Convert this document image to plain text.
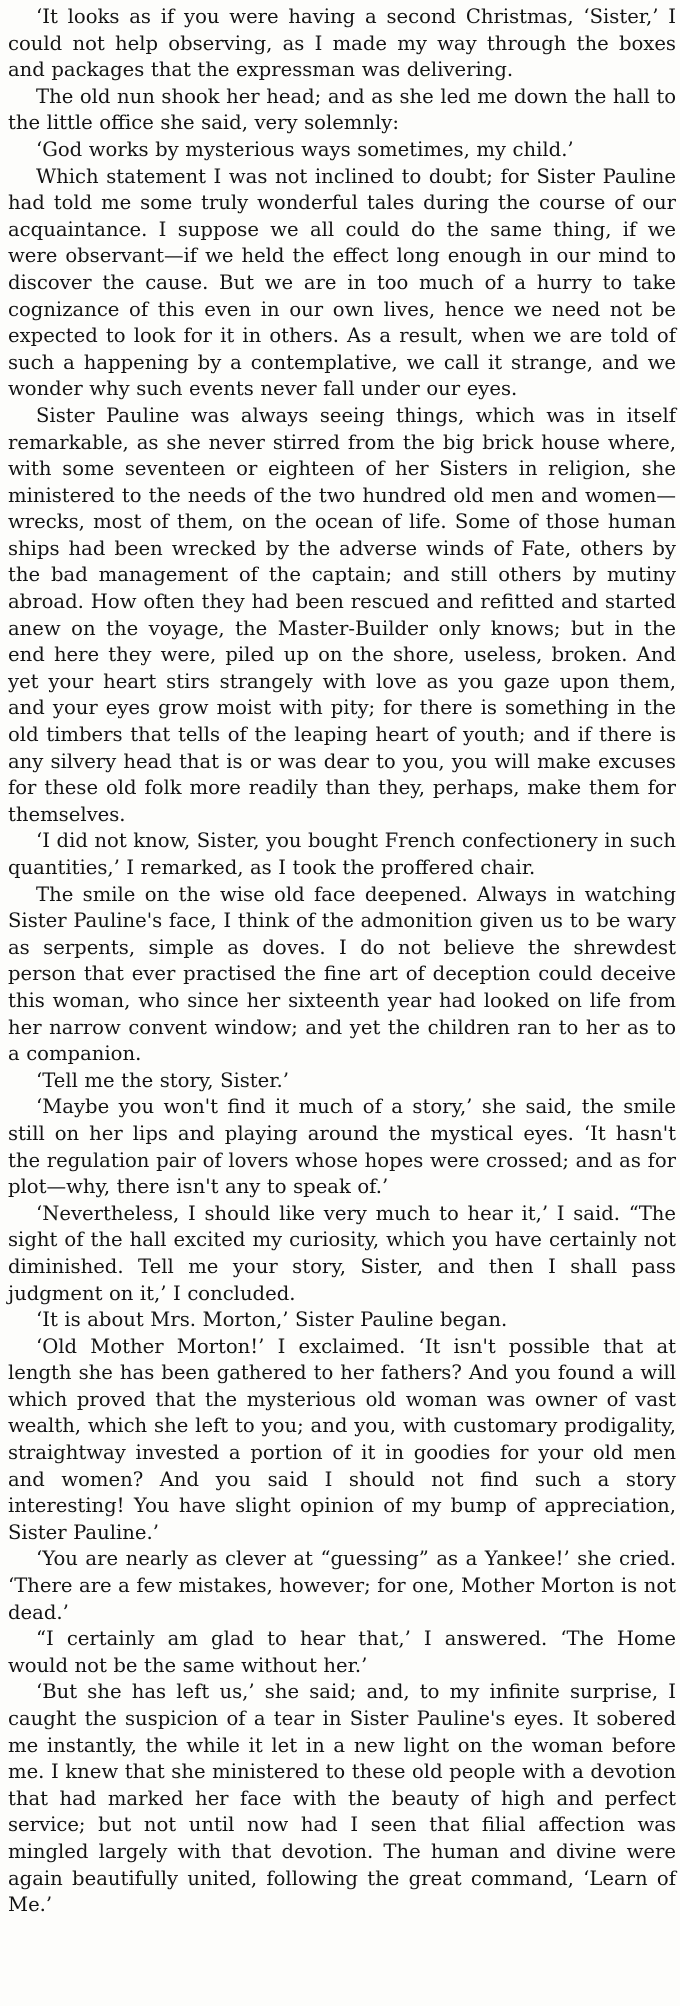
‘It looks as if you were having a second Christmas, ‘Sister,’ I could not help observing, as I made my way through the boxes and packages that the expressman was delivering.

The old nun shook her head; and as she led me down the hall to the little office she said, very solemnly:

‘God works by mysterious ways sometimes, my child.’

Which statement I was not inclined to doubt; for Sister Pauline had told me some truly wonderful tales during the course of our acquaintance. I suppose we all could do the same thing, if we were observant—if we held the effect long enough in our mind to discover the cause. But we are in too much of a hurry to take cognizance of this even in our own lives, hence we need not be expected to look for it in others. As a result, when we are told of such a happening by a contemplative, we call it strange, and we wonder why such events never fall under our eyes.

Sister Pauline was always seeing things, which was in itself remarkable, as she never stirred from the big brick house where, with some seventeen or eighteen of her Sisters in religion, she ministered to the needs of the two hundred old men and women—wrecks, most of them, on the ocean of life. Some of those human ships had been wrecked by the adverse winds of Fate, others by the bad management of the captain; and still others by mutiny abroad. How often they had been rescued and refitted and started anew on the voyage, the Master-Builder only knows; but in the end here they were, piled up on the shore, useless, broken. And yet your heart stirs strangely with love as you gaze upon them, and your eyes grow moist with pity; for there is something in the old timbers that tells of the leaping heart of youth; and if there is any silvery head that is or was dear to you, you will make excuses for these old folk more readily than they, perhaps, make them for themselves.

‘I did not know, Sister, you bought French confectionery in such quantities,’ I remarked, as I took the proffered chair.

The smile on the wise old face deepened. Always in watching Sister Pauline's face, I think of the admonition given us to be wary as serpents, simple as doves. I do not believe the shrewdest person that ever practised the fine art of deception could deceive this woman, who since her sixteenth year had looked on life from her narrow convent window; and yet the children ran to her as to a companion.

‘Tell me the story, Sister.’

‘Maybe you won't find it much of a story,’ she said, the smile still on her lips and playing around the mystical eyes. ‘It hasn't the regulation pair of lovers whose hopes were crossed; and as for plot—why, there isn't any to speak of.’

‘Nevertheless, I should like very much to hear it,’ I said. “The sight of the hall excited my curiosity, which you have certainly not diminished. Tell me your story, Sister, and then I shall pass judgment on it,’ I concluded.

‘It is about Mrs. Morton,’ Sister Pauline began.

‘Old Mother Morton!’ I exclaimed. ‘It isn't possible that at length she has been gathered to her fathers? And you found a will which proved that the mysterious old woman was owner of vast wealth, which she left to you; and you, with customary prodigality, straightway invested a portion of it in goodies for your old men and women? And you said I should not find such a story interesting! You have slight opinion of my bump of appreciation, Sister Pauline.’

‘You are nearly as clever at “guessing” as a Yankee!’ she cried. ‘There are a few mistakes, however; for one, Mother Morton is not dead.’

“I certainly am glad to hear that,’ I answered. ‘The Home would not be the same without her.’

‘But she has left us,’ she said; and, to my infinite surprise, I caught the suspicion of a tear in Sister Pauline's eyes. It sobered me instantly, the while it let in a new light on the woman before me. I knew that she ministered to these old people with a devotion that had marked her face with the beauty of high and perfect service; but not until now had I seen that filial affection was mingled largely with that devotion. The human and divine were again beautifully united, following the great command, ‘Learn of Me.’
